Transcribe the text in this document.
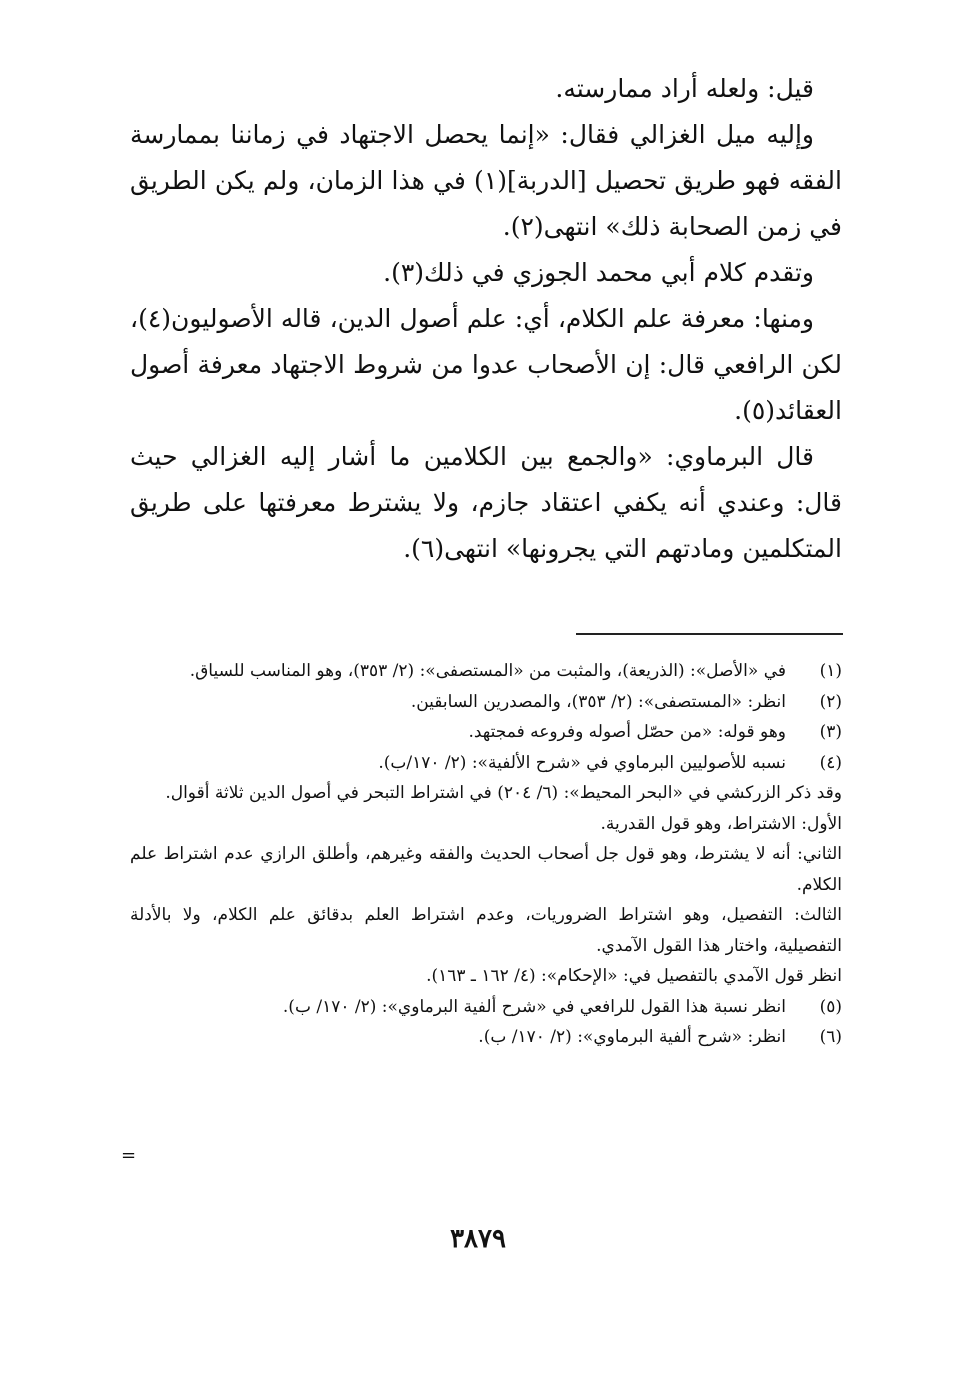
قيل: ولعله أراد ممارسته.

وإليه ميل الغزالي فقال: «إنما يحصل الاجتهاد في زماننا بممارسة الفقه فهو طريق تحصيل [الدربة](١) في هذا الزمان، ولم يكن الطريق في زمن الصحابة ذلك» انتهى(٢).

وتقدم كلام أبي محمد الجوزي في ذلك(٣).

ومنها: معرفة علم الكلام، أي: علم أصول الدين، قاله الأصوليون(٤)، لكن الرافعي قال: إن الأصحاب عدوا من شروط الاجتهاد معرفة أصول العقائد(٥).

قال البرماوي: «والجمع بين الكلامين ما أشار إليه الغزالي حيث قال: وعندي أنه يكفي اعتقاد جازم، ولا يشترط معرفتها على طريق المتكلمين ومادتهم التي يجرونها» انتهى(٦).

(١)
في «الأصل»: (الذريعة)، والمثبت من «المستصفى»: (٢/ ٣٥٣)، وهو المناسب للسياق.
(٢)
انظر: «المستصفى»: (٢/ ٣٥٣)، والمصدرين السابقين.
(٣)
وهو قوله: «من حصّل أصوله وفروعه فمجتهد.
(٤)
نسبه للأصوليين البرماوي في «شرح الألفية»: (٢/ ١٧٠/ب).
وقد ذكر الزركشي في «البحر المحيط»: (٦/ ٢٠٤) في اشتراط التبحر في أصول الدين ثلاثة أقوال.
الأول: الاشتراط، وهو قول القدرية.
الثاني: أنه لا يشترط، وهو قول جل أصحاب الحديث والفقه وغيرهم، وأطلق الرازي عدم اشتراط علم الكلام.
الثالث: التفصيل، وهو اشتراط الضروريات، وعدم اشتراط العلم بدقائق علم الكلام، ولا بالأدلة التفصيلية، واختار هذا القول الآمدي.
انظر قول الآمدي بالتفصيل في: «الإحكام»: (٤/ ١٦٢ ـ ١٦٣).
(٥)
انظر نسبة هذا القول للرافعي في «شرح ألفية البرماوي»: (٢/ ١٧٠/ ب).
(٦)
انظر: «شرح ألفية البرماوي»: (٢/ ١٧٠/ ب).
=
٣٨٧٩
